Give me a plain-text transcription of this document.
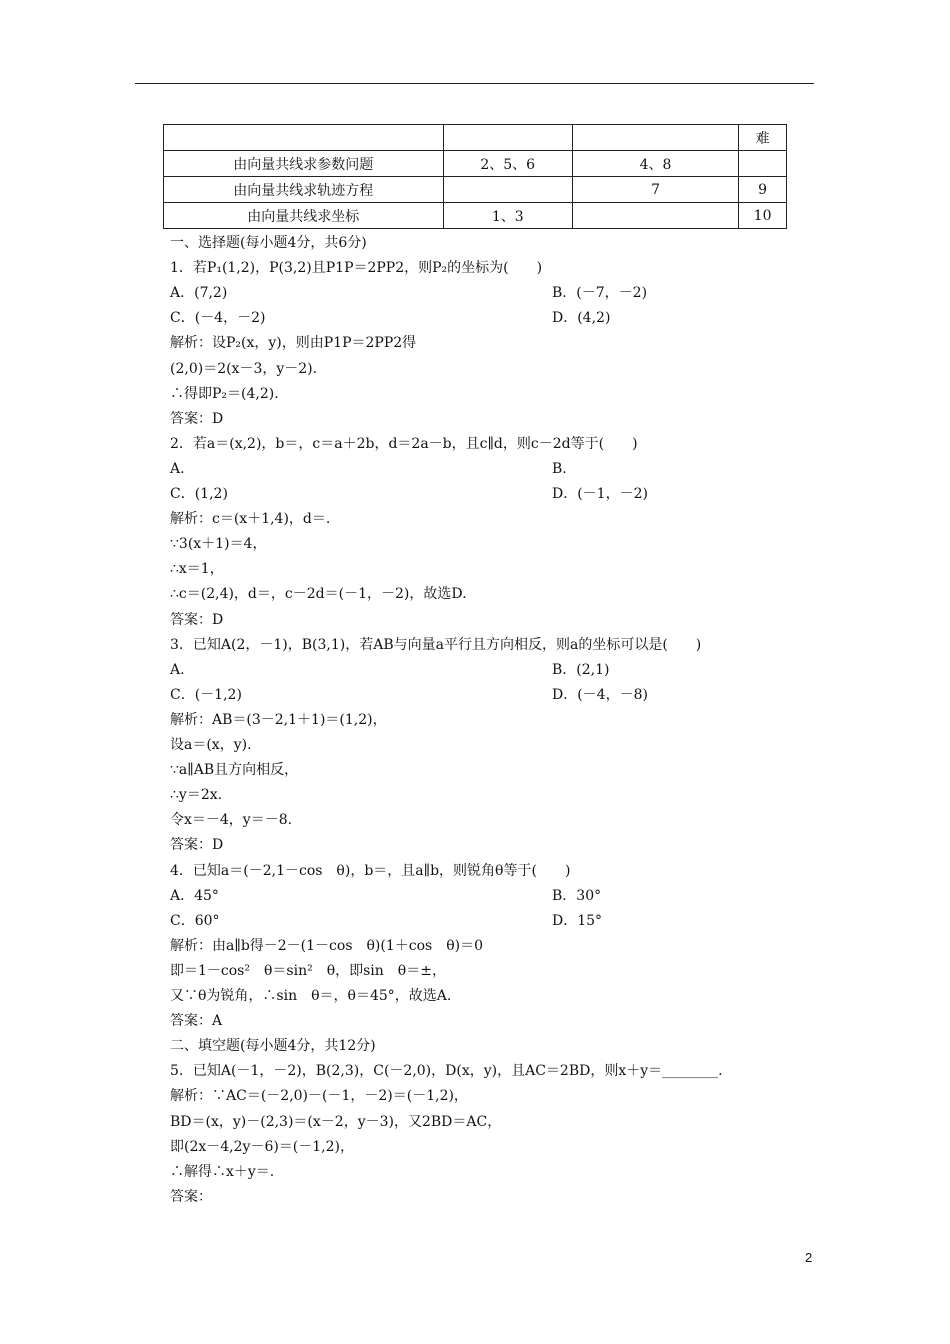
			难
由向量共线求参数问题	2、5、6	4、8	
由向量共线求轨迹方程		7	9
由向量共线求坐标	1、3		10
一、选择题(每小题4分，共6分)
1．若P₁(1,2)，P(3,2)且P1P＝2PP2，则P₂的坐标为(　　)
A．(7,2)	B．(－7，－2)
C．(－4，－2)	D．(4,2)
解析：设P₂(x，y)，则由P1P＝2PP2得
(2,0)＝2(x－3，y－2).
∴得即P₂＝(4,2).
答案：D
2．若a＝(x,2)，b＝，c＝a＋2b，d＝2a－b，且c∥d，则c－2d等于(　　)
A.	B.
C．(1,2)	D．(－1，－2)
解析：c＝(x＋1,4)，d＝.
∵3(x＋1)＝4，
∴x＝1，
∴c＝(2,4)，d＝，c－2d＝(－1，－2)，故选D.
答案：D
3．已知A(2，－1)，B(3,1)，若AB与向量a平行且方向相反，则a的坐标可以是(　　)
A.	B．(2,1)
C．(－1,2)	D．(－4，－8)
解析：AB＝(3－2,1＋1)＝(1,2)，
设a＝(x，y).
∵a∥AB且方向相反，
∴y＝2x.
令x＝－4，y＝－8.
答案：D
4．已知a＝(－2,1－cos　θ)，b＝，且a∥b，则锐角θ等于(　　)
A．45°	B．30°
C．60°	D．15°
解析：由a∥b得－2－(1－cos　θ)(1＋cos　θ)＝0
即＝1－cos²　θ＝sin²　θ，即sin　θ＝±，
又∵θ为锐角，∴sin　θ＝，θ＝45°，故选A.
答案：A
二、填空题(每小题4分，共12分)
5．已知A(－1，－2)，B(2,3)，C(－2,0)，D(x，y)，且AC＝2BD，则x＋y＝________.
解析：∵AC＝(－2,0)－(－1，－2)＝(－1,2)，
BD＝(x，y)－(2,3)＝(x－2，y－3)，又2BD＝AC，
即(2x－4,2y－6)＝(－1,2)，
∴解得∴x＋y＝.
答案：
2
